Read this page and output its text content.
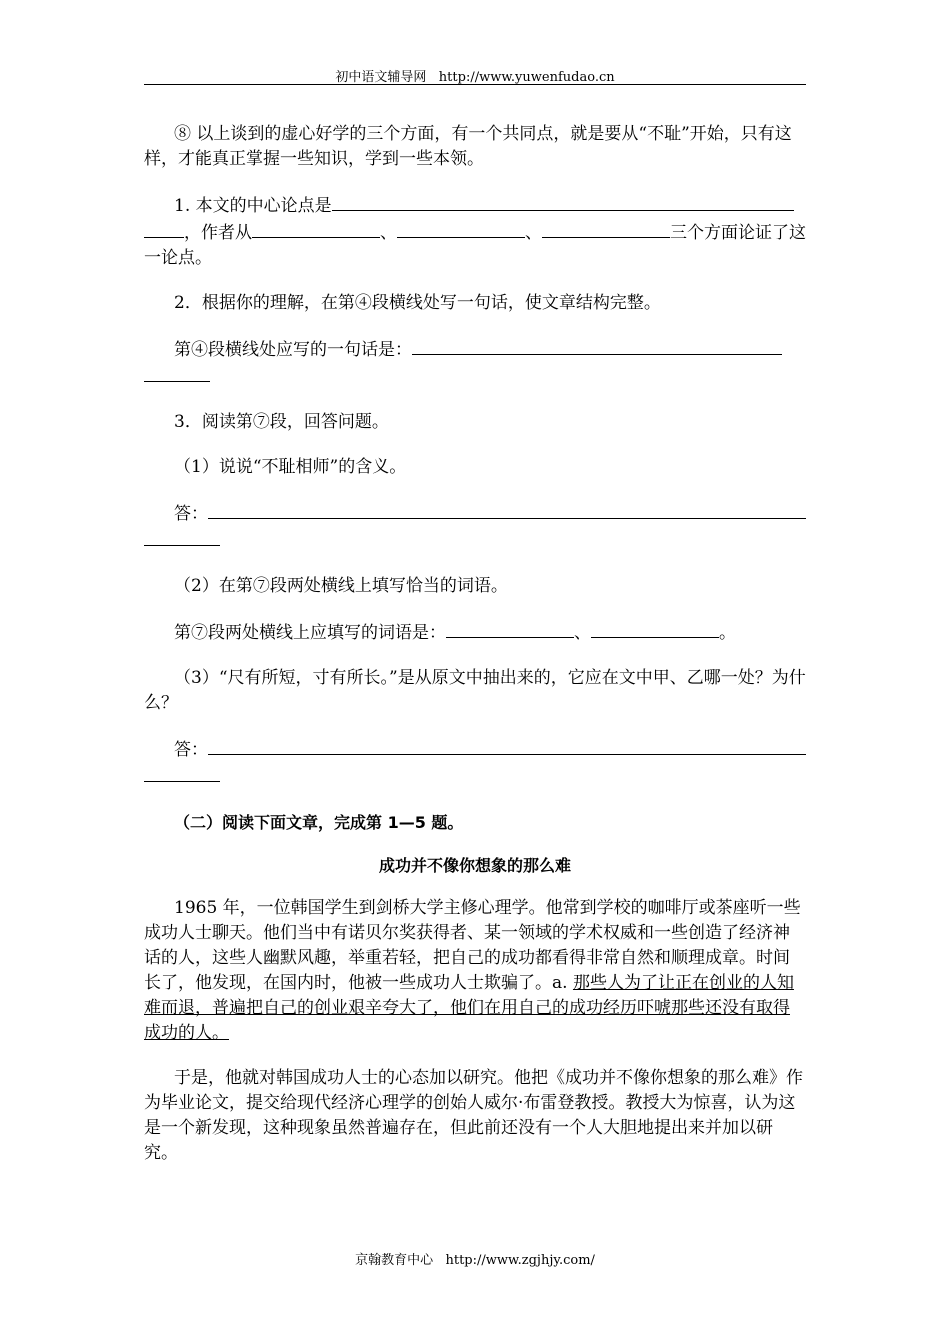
初中语文辅导网 http://www.yuwenfudao.cn

⑧ 以上谈到的虚心好学的三个方面，有一个共同点，就是要从“不耻”开始，只有这样，才能真正掌握一些知识，学到一些本领。

1. 本文的中心论点是，作者从	、	、	三个方面论证了这一论点。

2．根据你的理解，在第④段横线处写一句话，使文章结构完整。

第④段横线处应写的一句话是：

3．阅读第⑦段，回答问题。

（1）说说“不耻相师”的含义。

答：

（2）在第⑦段两处横线上填写恰当的词语。

第⑦段两处横线上应填写的词语是：	、	。

（3）“尺有所短，寸有所长。”是从原文中抽出来的，它应在文中甲、乙哪一处？为什么？

答：

（二）阅读下面文章，完成第 1—5 题。

成功并不像你想象的那么难

1965 年，一位韩国学生到剑桥大学主修心理学。他常到学校的咖啡厅或茶座听一些成功人士聊天。他们当中有诺贝尔奖获得者、某一领域的学术权威和一些创造了经济神话的人，这些人幽默风趣，举重若轻，把自己的成功都看得非常自然和顺理成章。时间长了，他发现，在国内时，他被一些成功人士欺骗了。a. 那些人为了让正在创业的人知难而退，普遍把自己的创业艰辛夸大了，他们在用自己的成功经历吓唬那些还没有取得成功的人。

于是，他就对韩国成功人士的心态加以研究。他把《成功并不像你想象的那么难》作为毕业论文，提交给现代经济心理学的创始人威尔·布雷登教授。教授大为惊喜，认为这是一个新发现，这种现象虽然普遍存在，但此前还没有一个人大胆地提出来并加以研究。

京翰教育中心 http://www.zgjhjy.com/
